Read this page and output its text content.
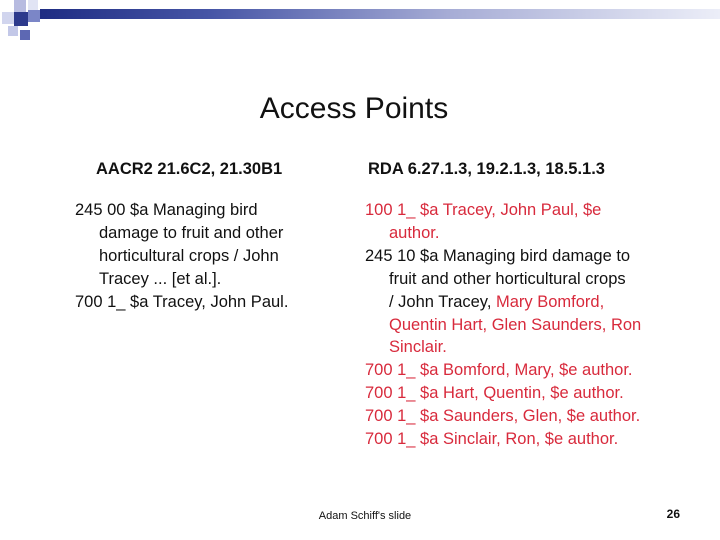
Access Points
AACR2 21.6C2, 21.30B1	RDA 6.27.1.3, 19.2.1.3, 18.5.1.3
245 00 $a Managing bird
damage to fruit and other
horticultural crops / John
Tracey ... [et al.].
700 1_ $a Tracey, John Paul.
100 1_ $a Tracey, John Paul, $e
author.
245 10 $a Managing bird damage to
fruit and other horticultural crops
/ John Tracey, Mary Bomford,
Quentin Hart, Glen Saunders, Ron
Sinclair.
700 1_ $a Bomford, Mary, $e author.
700 1_ $a Hart, Quentin, $e author.
700 1_ $a Saunders, Glen, $e author.
700 1_ $a Sinclair, Ron, $e author.
Adam Schiff's slide	26
